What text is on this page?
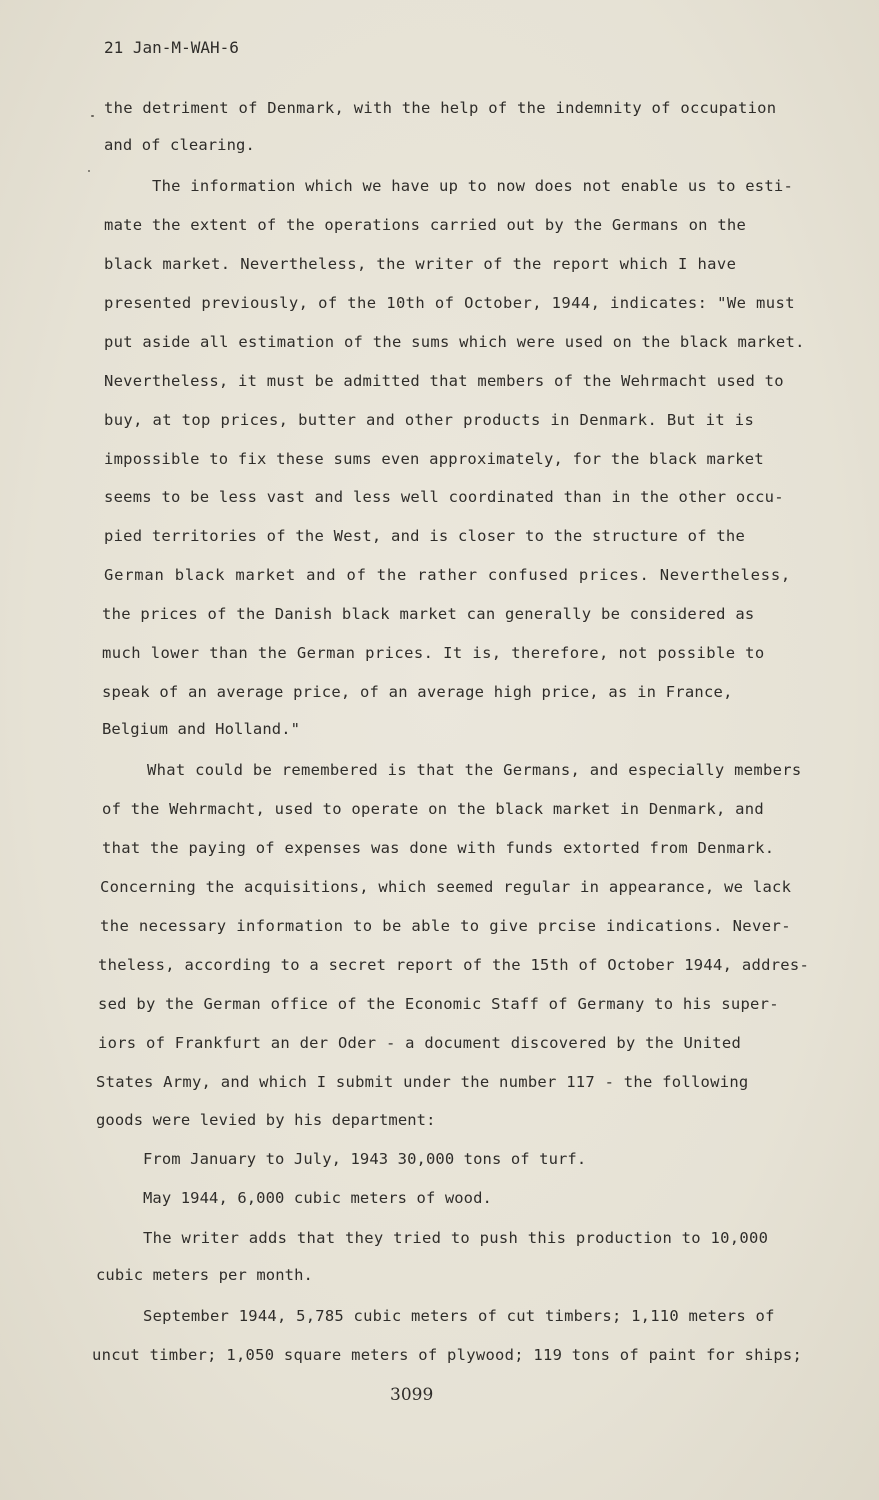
21 Jan-M-WAH-6
the detriment of Denmark, with the help of the indemnity of occupation
and of clearing.
The information which we have up to now does not enable us to esti-
mate the extent of the operations carried out by the Germans on the
black market. Nevertheless, the writer of the report which I have
presented previously, of the 10th of October, 1944, indicates: "We must
put aside all estimation of the sums which were used on the black market.
Nevertheless, it must be admitted that members of the Wehrmacht used to
buy, at top prices, butter and other products in Denmark. But it is
impossible to fix these sums even approximately, for the black market
seems to be less vast and less well coordinated than in the other occu-
pied territories of the West, and is closer to the structure of the
German black market and of the rather confused prices. Nevertheless,
the prices of the Danish black market can generally be considered as
much lower than the German prices. It is, therefore, not possible to
speak of an average price, of an average high price, as in France,
Belgium and Holland."
What could be remembered is that the Germans, and especially members
of the Wehrmacht, used to operate on the black market in Denmark, and
that the paying of expenses was done with funds extorted from Denmark.
Concerning the acquisitions, which seemed regular in appearance, we lack
the necessary information to be able to give prcise indications. Never-
theless, according to a secret report of the 15th of October 1944, addres-
sed by the German office of the Economic Staff of Germany to his super-
iors of Frankfurt an der Oder - a document discovered by the United
States Army, and which I submit under the number 117 - the following
goods were levied by his department:
From January to July, 1943 30,000 tons of turf.
May 1944, 6,000 cubic meters of wood.
The writer adds that they tried to push this production to 10,000
cubic meters per month.
September 1944, 5,785 cubic meters of cut timbers; 1,110 meters of
uncut timber; 1,050 square meters of plywood; 119 tons of paint for ships;
3099
